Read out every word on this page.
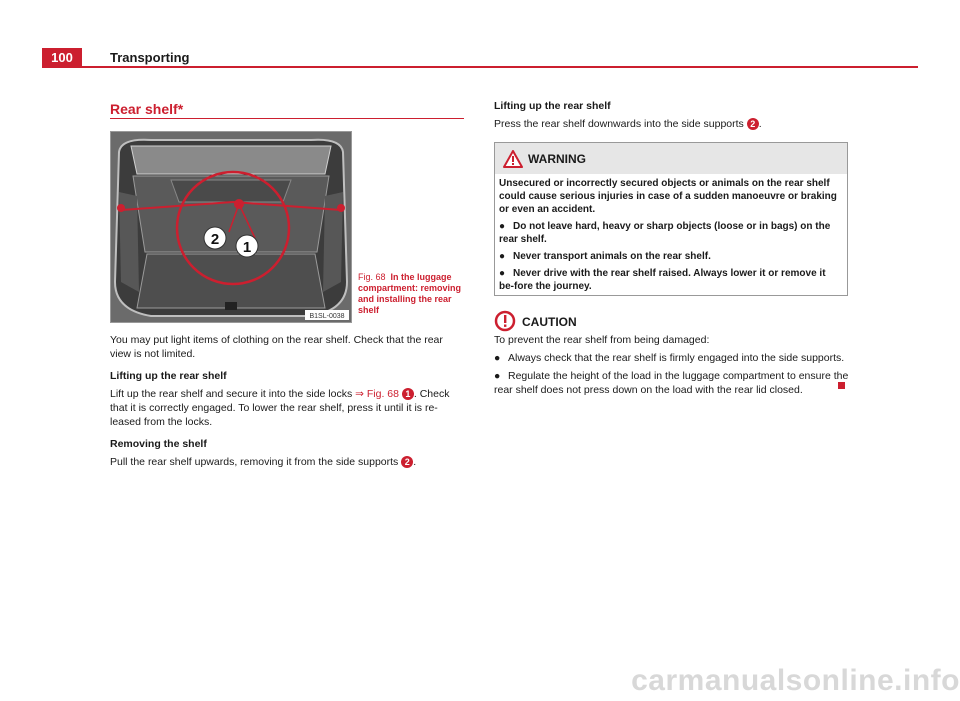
100	Transporting
Rear shelf*
2 1
B1SL-0038
Fig. 68 In the luggage compartment: removing and installing the rear shelf
You may put light items of clothing on the rear shelf. Check that the rear view is not limited.
Lifting up the rear shelf
Lift up the rear shelf and secure it into the side locks ⇒ Fig. 68 1 . Check that it is correctly engaged. To lower the rear shelf, press it until it is re-leased from the locks.
Removing the shelf
Pull the rear shelf upwards, removing it from the side supports 2 .
Lifting up the rear shelf
Press the rear shelf downwards into the side supports 2 .
WARNING

Unsecured or incorrectly secured objects or animals on the rear shelf could cause serious injuries in case of a sudden manoeuvre or braking or even an accident.

● Do not leave hard, heavy or sharp objects (loose or in bags) on the rear shelf.

● Never transport animals on the rear shelf.

● Never drive with the rear shelf raised. Always lower it or remove it be-fore the journey.

CAUTION

To prevent the rear shelf from being damaged:

● Always check that the rear shelf is firmly engaged into the side supports.

● Regulate the height of the load in the luggage compartment to ensure the rear shelf does not press down on the load with the rear lid closed.

carmanualsonline.info
